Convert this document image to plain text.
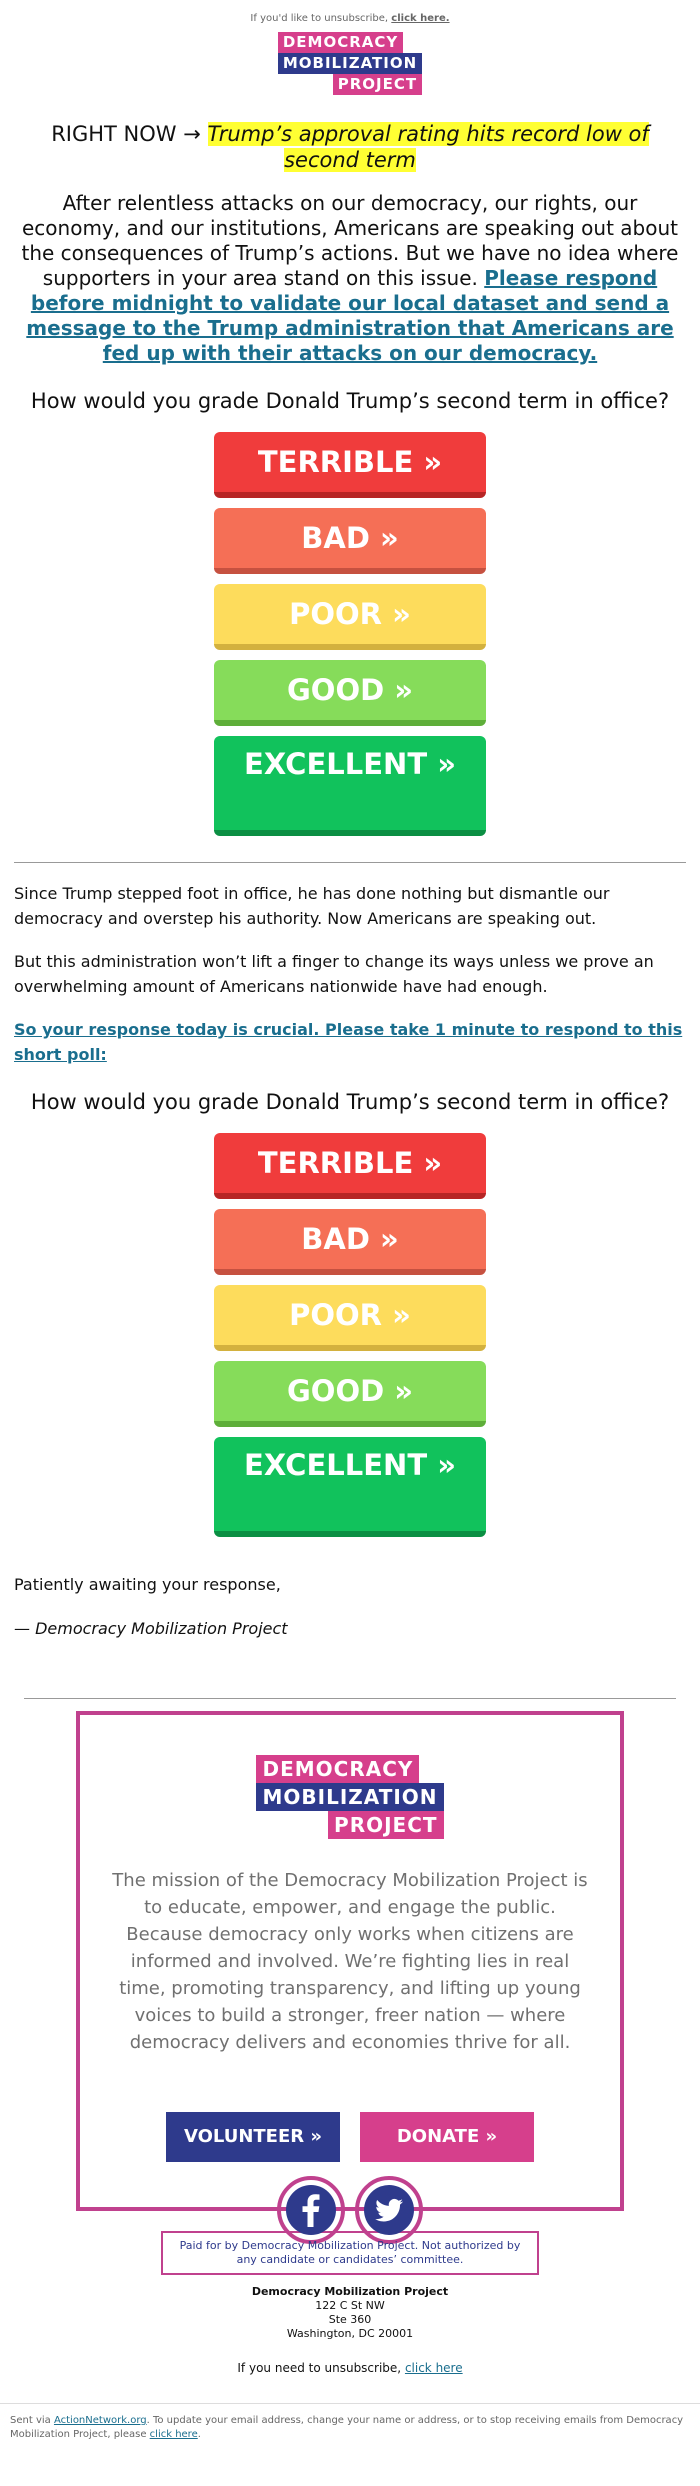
If you'd like to unsubscribe, click here.
DEMOCRACY
MOBILIZATION
PROJECT
RIGHT NOW → Trump’s approval rating hits record low of second term
After relentless attacks on our democracy, our rights, our economy, and our institutions, Americans are speaking out about the consequences of Trump’s actions. But we have no idea where supporters in your area stand on this issue. Please respond before midnight to validate our local dataset and send a message to the Trump administration that Americans are fed up with their attacks on our democracy.
How would you grade Donald Trump’s second term in office?
TERRIBLE »
BAD »
POOR »
GOOD »
EXCELLENT »
Since Trump stepped foot in office, he has done nothing but dismantle our democracy and overstep his authority. Now Americans are speaking out.
But this administration won’t lift a finger to change its ways unless we prove an overwhelming amount of Americans nationwide have had enough.
So your response today is crucial. Please take 1 minute to respond to this short poll:
How would you grade Donald Trump’s second term in office?
TERRIBLE »
BAD »
POOR »
GOOD »
EXCELLENT »
Patiently awaiting your response,
— Democracy Mobilization Project
DEMOCRACY
MOBILIZATION
PROJECT
The mission of the Democracy Mobilization Project is to educate, empower, and engage the public. Because democracy only works when citizens are informed and involved. We’re fighting lies in real time, promoting transparency, and lifting up young voices to build a stronger, freer nation — where democracy delivers and economies thrive for all.
VOLUNTEER »	DONATE »
Paid for by Democracy Mobilization Project. Not authorized by any candidate or candidates’ committee.
Democracy Mobilization Project
122 C St NW
Ste 360
Washington, DC 20001
If you need to unsubscribe, click here
Sent via ActionNetwork.org. To update your email address, change your name or address, or to stop receiving emails from Democracy Mobilization Project, please click here.
